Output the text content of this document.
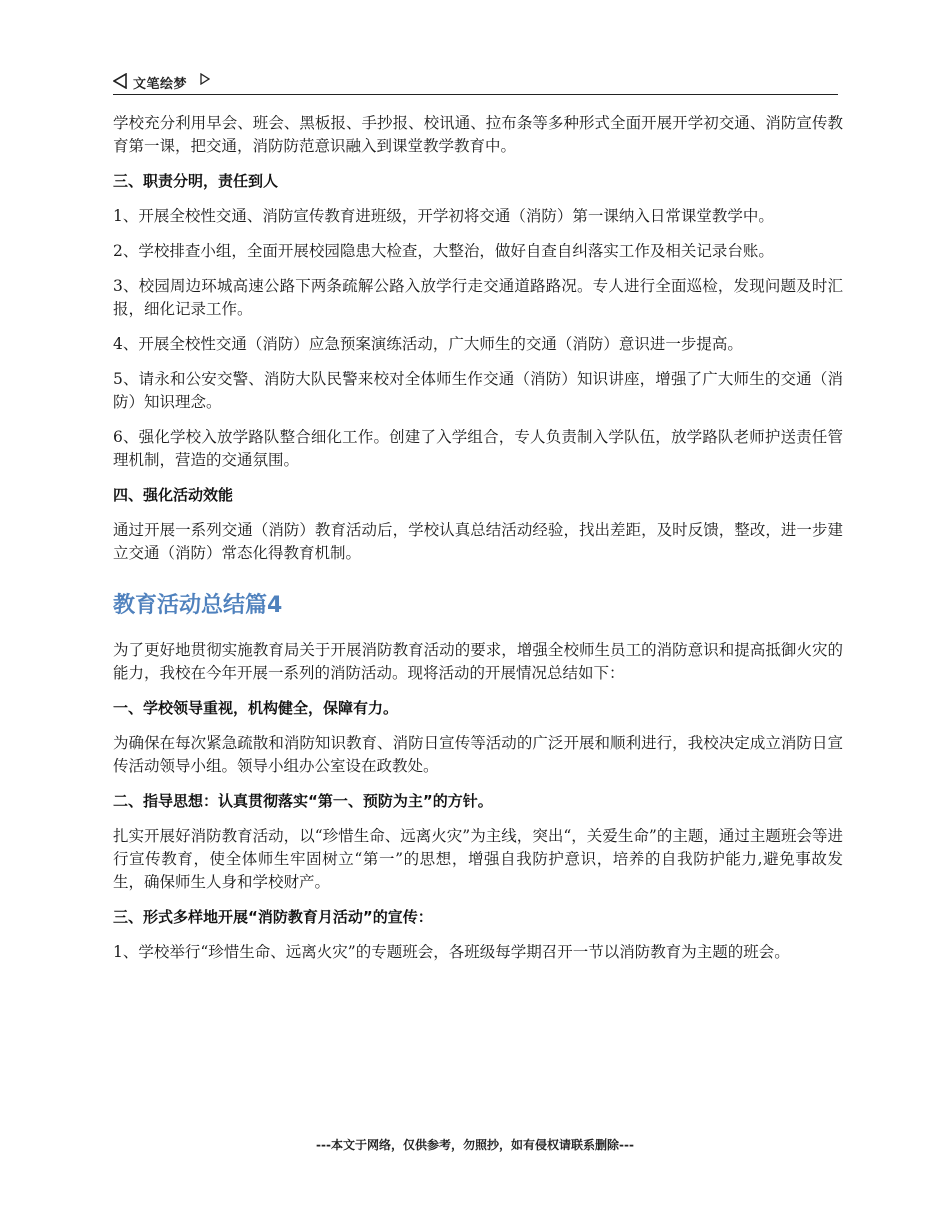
文笔绘梦

学校充分利用早会、班会、黑板报、手抄报、校讯通、拉布条等多种形式全面开展开学初交通、消防宣传教育第一课，把交通，消防防范意识融入到课堂教学教育中。

三、职责分明，责任到人

1、开展全校性交通、消防宣传教育进班级，开学初将交通（消防）第一课纳入日常课堂教学中。

2、学校排查小组，全面开展校园隐患大检查，大整治，做好自查自纠落实工作及相关记录台账。

3、校园周边环城高速公路下两条疏解公路入放学行走交通道路路况。专人进行全面巡检，发现问题及时汇报，细化记录工作。

4、开展全校性交通（消防）应急预案演练活动，广大师生的交通（消防）意识进一步提高。

5、请永和公安交警、消防大队民警来校对全体师生作交通（消防）知识讲座，增强了广大师生的交通（消防）知识理念。

6、强化学校入放学路队整合细化工作。创建了入学组合，专人负责制入学队伍，放学路队老师护送责任管理机制，营造的交通氛围。

四、强化活动效能

通过开展一系列交通（消防）教育活动后，学校认真总结活动经验，找出差距，及时反馈，整改，进一步建立交通（消防）常态化得教育机制。

教育活动总结篇4

为了更好地贯彻实施教育局关于开展消防教育活动的要求，增强全校师生员工的消防意识和提高抵御火灾的能力，我校在今年开展一系列的消防活动。现将活动的开展情况总结如下：

一、学校领导重视，机构健全，保障有力。

为确保在每次紧急疏散和消防知识教育、消防日宣传等活动的广泛开展和顺利进行，我校决定成立消防日宣传活动领导小组。领导小组办公室设在政教处。

二、指导思想：认真贯彻落实“第一、预防为主”的方针。

扎实开展好消防教育活动，以“珍惜生命、远离火灾”为主线，突出“，关爱生命”的主题，通过主题班会等进行宣传教育，使全体师生牢固树立“第一”的思想，增强自我防护意识，培养的自我防护能力,避免事故发生，确保师生人身和学校财产。

三、形式多样地开展“消防教育月活动”的宣传：

1、学校举行“珍惜生命、远离火灾”的专题班会，各班级每学期召开一节以消防教育为主题的班会。

---本文于网络，仅供参考，勿照抄，如有侵权请联系删除---
